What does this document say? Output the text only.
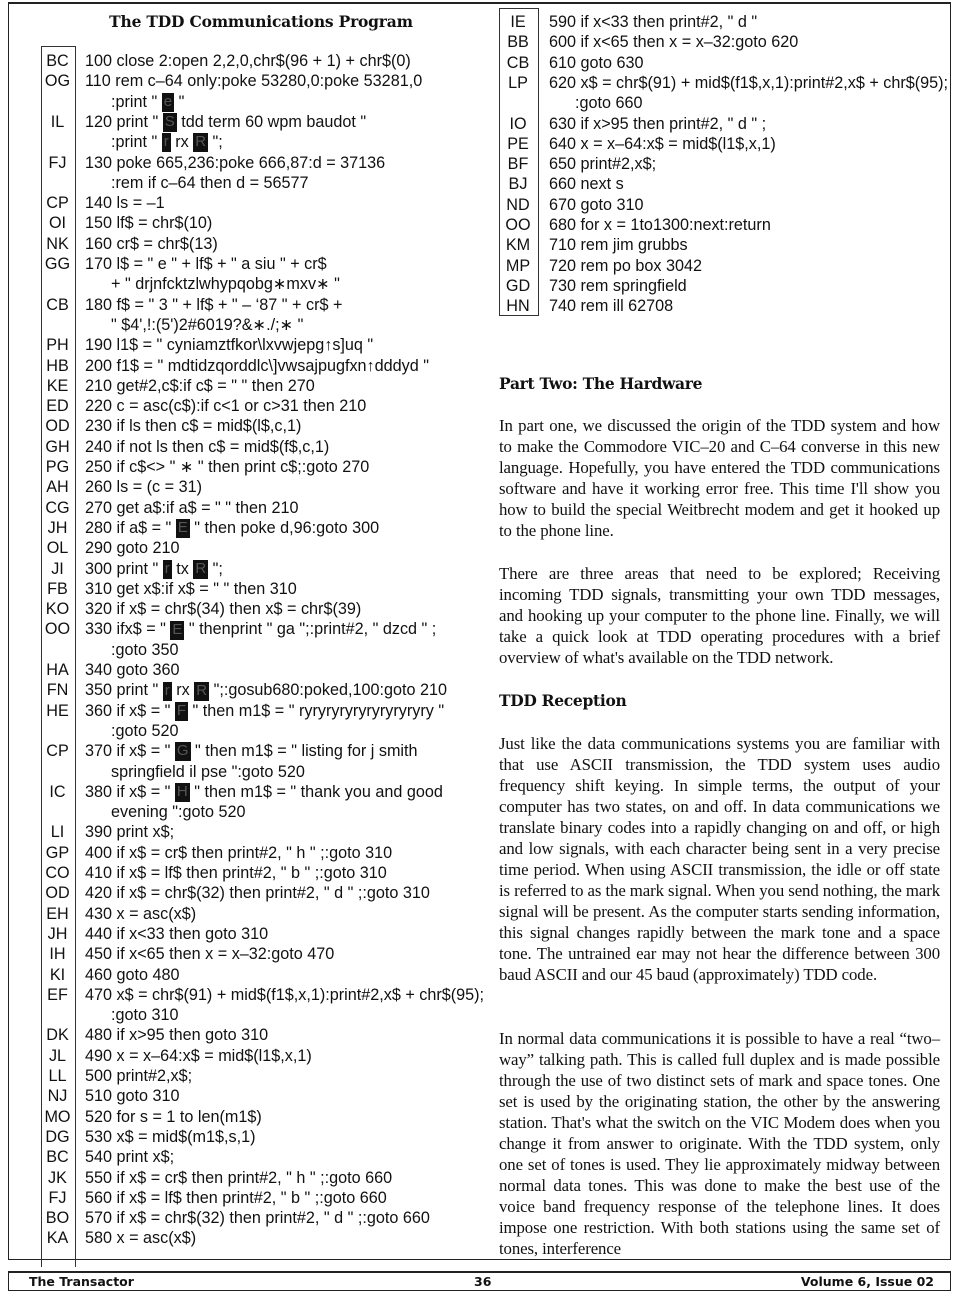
The TDD Communications Program
BC	100 close 2:open 2,2,0,chr$(96 + 1) + chr$(0)
OG 110 rem c–64 only:poke 53280,0:poke 53281,0
:print " e "
IL	120 print " S tdd term 60 wpm baudot "
:print " r rx R ";
FJ	130 poke 665,236:poke 666,87:d = 37136
:rem if c–64 then d = 56577
CP	140 ls = –1
OI	150 lf$ = chr$(10)
NK	160 cr$ = chr$(13)
GG 170 l$ = " e " + lf$ + " a siu " + cr$
+ " drjnfcktzlwhypqobg∗mxv∗ "
CB	180 f$ = " 3 " + lf$ + " – ‘87 " + cr$ +
" $4',!:(5')2#6019?&∗./;∗ "
PH	190 l1$ = " cyniamztfkor\lxvwjepg↑s]uq "
HB	200 f1$ = " mdtidzqorddlc\]vwsajpugfxn↑dddyd "
KE	210 get#2,c$:if c$ = " " then 270
ED	220 c = asc(c$):if c<1 or c>31 then 210
OD 230 if ls then c$ = mid$(l$,c,1)
GH 240 if not ls then c$ = mid$(f$,c,1)
PG 250 if c$<> " ∗ " then print c$;:goto 270
AH	260 ls = (c = 31)
CG 270 get a$:if a$ = " " then 210
JH	280 if a$ = " E " then poke d,96:goto 300
OL	290 goto 210
JI	300 print " r tx R ";
FB	310 get x$:if x$ = " " then 310
KO 320 if x$ = chr$(34) then x$ = chr$(39)
OO 330 ifx$ = " E " thenprint " ga ";:print#2, " dzcd " ;
:goto 350
HA	340 goto 360
FN	350 print " r rx R ";:gosub680:poked,100:goto 210
HE	360 if x$ = " F " then m1$ = " ryryryryryryryryryry "
:goto 520
CP	370 if x$ = " G " then m1$ = " listing for j smith
springfield il pse ":goto 520
IC	380 if x$ = " H " then m1$ = " thank you and good
evening ":goto 520
LI	390 print x$;
GP 400 if x$ = cr$ then print#2, " h " ;:goto 310
CO 410 if x$ = lf$ then print#2, " b " ;:goto 310
OD 420 if x$ = chr$(32) then print#2, " d " ;:goto 310
EH	430 x = asc(x$)
JH	440 if x<33 then goto 310
IH	450 if x<65 then x = x–32:goto 470
KI	460 goto 480
EF	470 x$ = chr$(91) + mid$(f1$,x,1):print#2,x$ + chr$(95);
:goto 310
DK	480 if x>95 then goto 310
JL	490 x = x–64:x$ = mid$(l1$,x,1)
LL	500 print#2,x$;
NJ	510 goto 310
MO 520 for s = 1 to len(m1$)
DG 530 x$ = mid$(m1$,s,1)
BC	540 print x$;
JK	550 if x$ = cr$ then print#2, " h " ;:goto 660
FJ	560 if x$ = lf$ then print#2, " b " ;:goto 660
BO 570 if x$ = chr$(32) then print#2, " d " ;:goto 660
KA	580 x = asc(x$)
IE	590 if x<33 then print#2, " d "
BB	600 if x<65 then x = x–32:goto 620
CB	610 goto 630
LP	620 x$ = chr$(91) + mid$(f1$,x,1):print#2,x$ + chr$(95);
:goto 660
IO	630 if x>95 then print#2, " d " ;
PE	640 x = x–64:x$ = mid$(l1$,x,1)
BF	650 print#2,x$;
BJ	660 next s
ND	670 goto 310
OO	680 for x = 1to1300:next:return
KM	710 rem jim grubbs
MP	720 rem po box 3042
GD	730 rem springfield
HN	740 rem ill 62708
Part Two: The Hardware

In part one, we discussed the origin of the TDD system and how to make the Commodore VIC–20 and C–64 converse in this new language. Hopefully, you have entered the TDD communications software and have it working error free. This time I'll show you how to build the special Weitbrecht modem and get it hooked up to the phone line.

There are three areas that need to be explored; Receiving incoming TDD signals, transmitting your own TDD messages, and hooking up your computer to the phone line. Finally, we will take a quick look at TDD operating procedures with a brief overview of what's available on the TDD network.

TDD Reception

Just like the data communications systems you are familiar with that use ASCII transmission, the TDD system uses audio frequency shift keying. In simple terms, the output of your computer has two states, on and off. In data communications we translate binary codes into a rapidly changing on and off, or high and low signals, with each character being sent in a very precise time period. When using ASCII transmission, the idle or off state is referred to as the mark signal. When you send nothing, the mark signal will be present. As the computer starts sending information, this signal changes rapidly between the mark tone and a space tone. The untrained ear may not hear the difference between 300 baud ASCII and our 45 baud (approximately) TDD code.

In normal data communications it is possible to have a real “two–way” talking path. This is called full duplex and is made possible through the use of two distinct sets of mark and space tones. One set is used by the originating station, the other by the answering station. That's what the switch on the VIC Modem does when you change it from answer to originate. With the TDD system, only one set of tones is used. They lie approximately midway between normal data tones. This was done to make the best use of the voice band frequency response of the telephone lines. It does impose one restriction. With both stations using the same set of tones, interference

The Transactor	36	Volume 6, Issue 02
